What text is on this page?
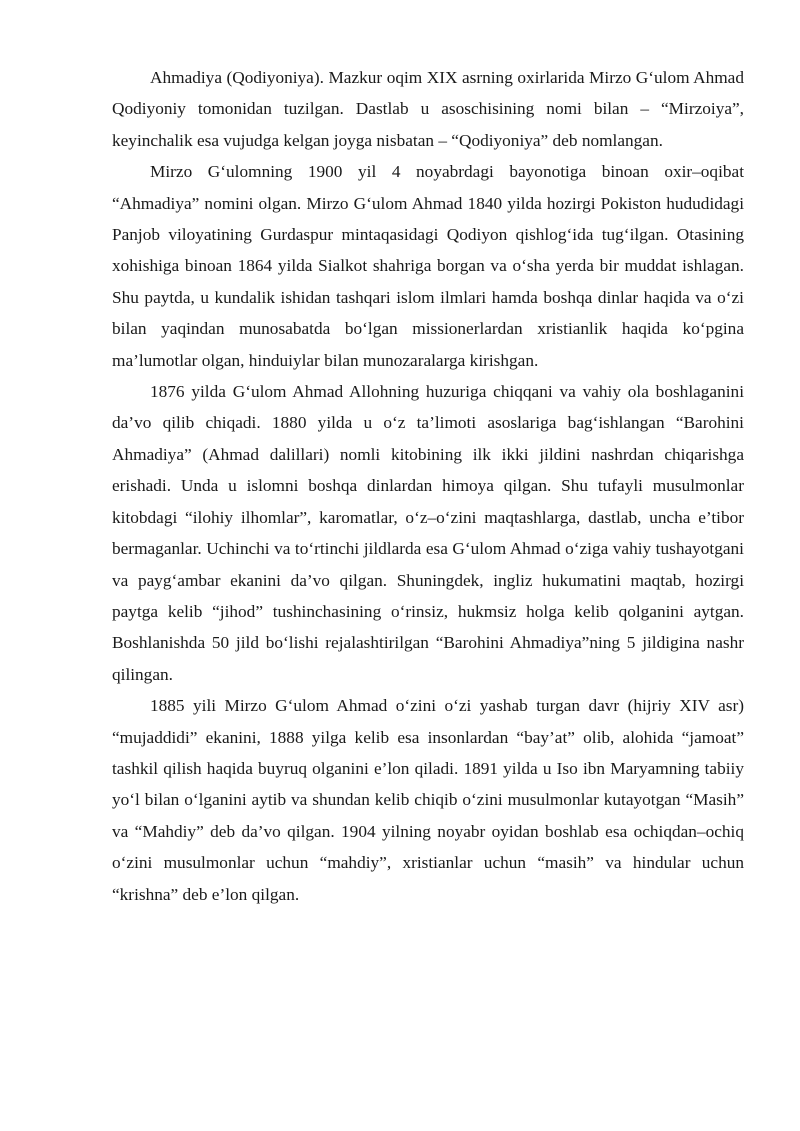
Ahmadiya (Qodiyoniya). Mazkur oqim XIX asrning oxirlarida Mirzo G‘ulom Ahmad Qodiyoniy tomonidan tuzilgan. Dastlab u asoschisining nomi bilan – “Mirzoiya”, keyinchalik esa vujudga kelgan joyga nisbatan – “Qodiyoniya” deb nomlangan.

Mirzo G‘ulomning 1900 yil 4 noyabrdagi bayonotiga binoan oxir–oqibat “Ahmadiya” nomini olgan. Mirzo G‘ulom Ahmad 1840 yilda hozirgi Pokiston hududidagi Panjob viloyatining Gurdaspur mintaqasidagi Qodiyon qishlog‘ida tug‘ilgan. Otasining xohishiga binoan 1864 yilda Sialkot shahriga borgan va o‘sha yerda bir muddat ishlagan. Shu paytda, u kundalik ishidan tashqari islom ilmlari hamda boshqa dinlar haqida va o‘zi bilan yaqindan munosabatda bo‘lgan missionerlardan xristianlik haqida ko‘pgina ma’lumotlar olgan, hinduiylar bilan munozaralarga kirishgan.

1876 yilda G‘ulom Ahmad Allohning huzuriga chiqqani va vahiy ola boshlaganini da’vo qilib chiqadi. 1880 yilda u o‘z ta’limoti asoslariga bag‘ishlangan “Barohini Ahmadiya” (Ahmad dalillari) nomli kitobining ilk ikki jildini nashrdan chiqarishga erishadi. Unda u islomni boshqa dinlardan himoya qilgan. Shu tufayli musulmonlar kitobdagi “ilohiy ilhomlar”, karomatlar, o‘z–o‘zini maqtashlarga, dastlab, uncha e’tibor bermaganlar. Uchinchi va to‘rtinchi jildlarda esa G‘ulom Ahmad o‘ziga vahiy tushayotgani va payg‘ambar ekanini da’vo qilgan. Shuningdek, ingliz hukumatini maqtab, hozirgi paytga kelib “jihod” tushinchasining o‘rinsiz, hukmsiz holga kelib qolganini aytgan. Boshlanishda 50 jild bo‘lishi rejalashtirilgan “Barohini Ahmadiya”ning 5 jildigina nashr qilingan.

1885 yili Mirzo G‘ulom Ahmad o‘zini o‘zi yashab turgan davr (hijriy XIV asr) “mujaddidi” ekanini, 1888 yilga kelib esa insonlardan “bay’at” olib, alohida “jamoat” tashkil qilish haqida buyruq olganini e’lon qiladi. 1891 yilda u Iso ibn Maryamning tabiiy yo‘l bilan o‘lganini aytib va shundan kelib chiqib o‘zini musulmonlar kutayotgan “Masih” va “Mahdiy” deb da’vo qilgan. 1904 yilning noyabr oyidan boshlab esa ochiqdan–ochiq o‘zini musulmonlar uchun “mahdiy”, xristianlar uchun “masih” va hindular uchun “krishna” deb e’lon qilgan.
